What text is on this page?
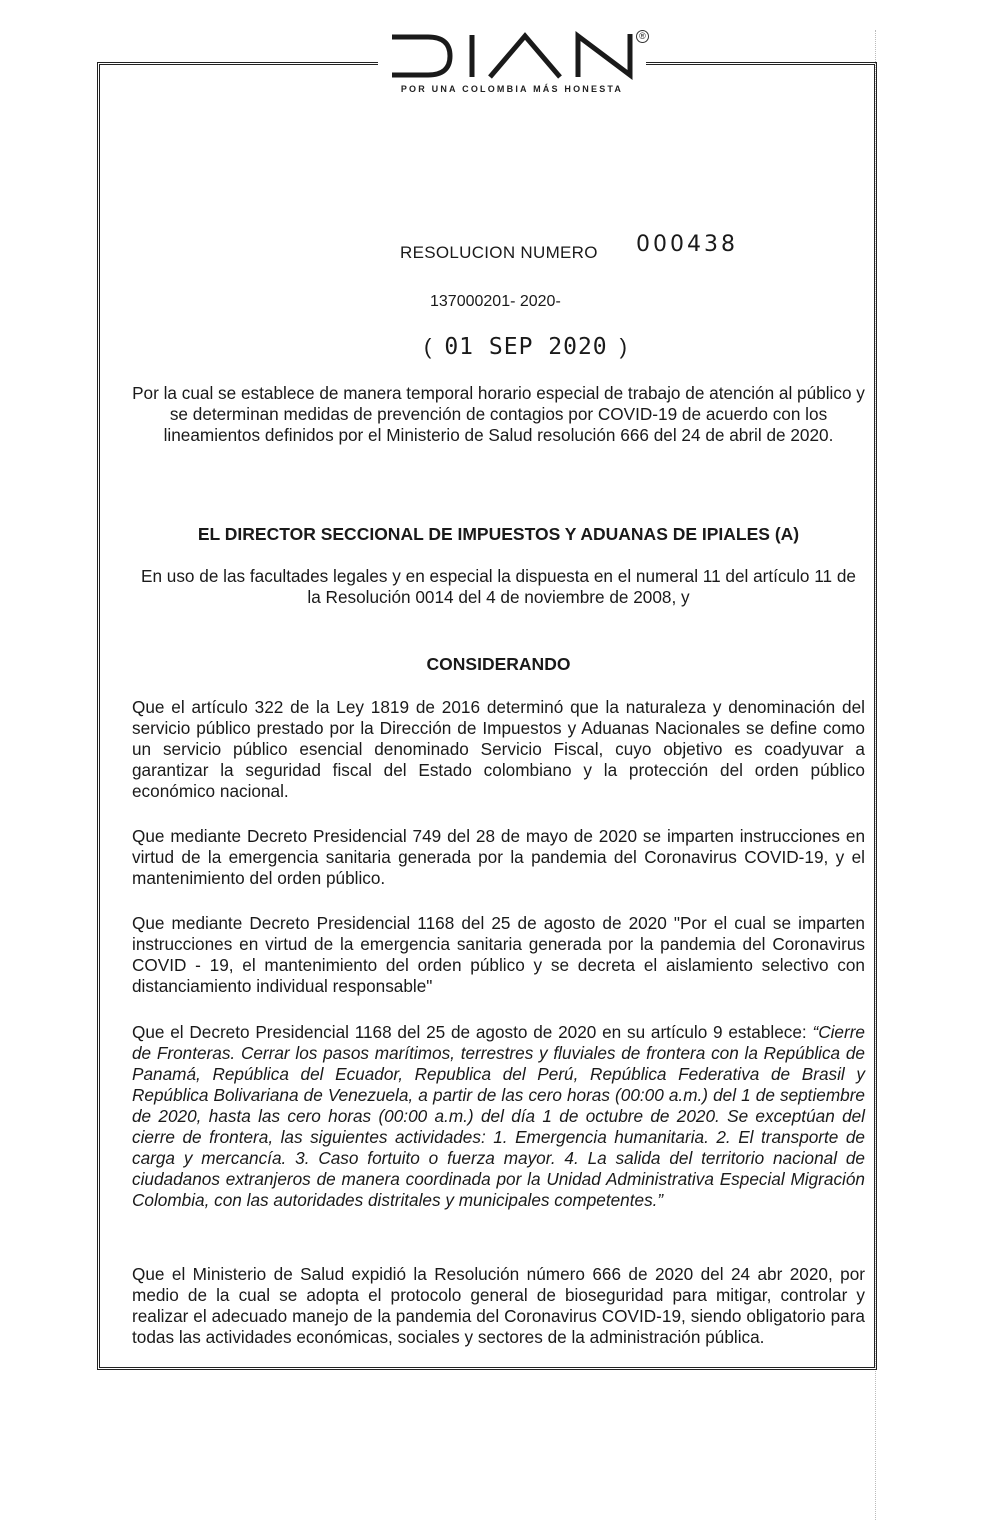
®
POR UNA COLOMBIA MÁS HONESTA
RESOLUCION NUMERO 000438
137000201- 2020-
( 01 SEP 2020 )
Por la cual se establece de manera temporal horario especial de trabajo de atención al público y se determinan medidas de prevención de contagios por COVID-19 de acuerdo con los lineamientos definidos por el Ministerio de Salud resolución 666 del 24 de abril de 2020.
EL DIRECTOR SECCIONAL DE IMPUESTOS Y ADUANAS DE IPIALES (A)
En uso de las facultades legales y en especial la dispuesta en el numeral 11 del artículo 11 de la Resolución 0014 del 4 de noviembre de 2008, y
CONSIDERANDO
Que el artículo 322 de la Ley 1819 de 2016 determinó que la naturaleza y denominación del servicio público prestado por la Dirección de Impuestos y Aduanas Nacionales se define como un servicio público esencial denominado Servicio Fiscal, cuyo objetivo es coadyuvar a garantizar la seguridad fiscal del Estado colombiano y la protección del orden público económico nacional.
Que mediante Decreto Presidencial 749 del 28 de mayo de 2020 se imparten instrucciones en virtud de la emergencia sanitaria generada por la pandemia del Coronavirus COVID-19, y el mantenimiento del orden público.
Que mediante Decreto Presidencial 1168 del 25 de agosto de 2020 "Por el cual se imparten instrucciones en virtud de la emergencia sanitaria generada por la pandemia del Coronavirus COVID - 19, el mantenimiento del orden público y se decreta el aislamiento selectivo con distanciamiento individual responsable"
Que el Decreto Presidencial 1168 del 25 de agosto de 2020 en su artículo 9 establece: “Cierre de Fronteras. Cerrar los pasos marítimos, terrestres y fluviales de frontera con la República de Panamá, República del Ecuador, Republica del Perú, República Federativa de Brasil y República Bolivariana de Venezuela, a partir de las cero horas (00:00 a.m.) del 1 de septiembre de 2020, hasta las cero horas (00:00 a.m.) del día 1 de octubre de 2020. Se exceptúan del cierre de frontera, las siguientes actividades: 1. Emergencia humanitaria. 2. El transporte de carga y mercancía. 3. Caso fortuito o fuerza mayor. 4. La salida del territorio nacional de ciudadanos extranjeros de manera coordinada por la Unidad Administrativa Especial Migración Colombia, con las autoridades distritales y municipales competentes.”
Que el Ministerio de Salud expidió la Resolución número 666 de 2020 del 24 abr 2020, por medio de la cual se adopta el protocolo general de bioseguridad para mitigar, controlar y realizar el adecuado manejo de la pandemia del Coronavirus COVID-19, siendo obligatorio para todas las actividades económicas, sociales y sectores de la administración pública.
